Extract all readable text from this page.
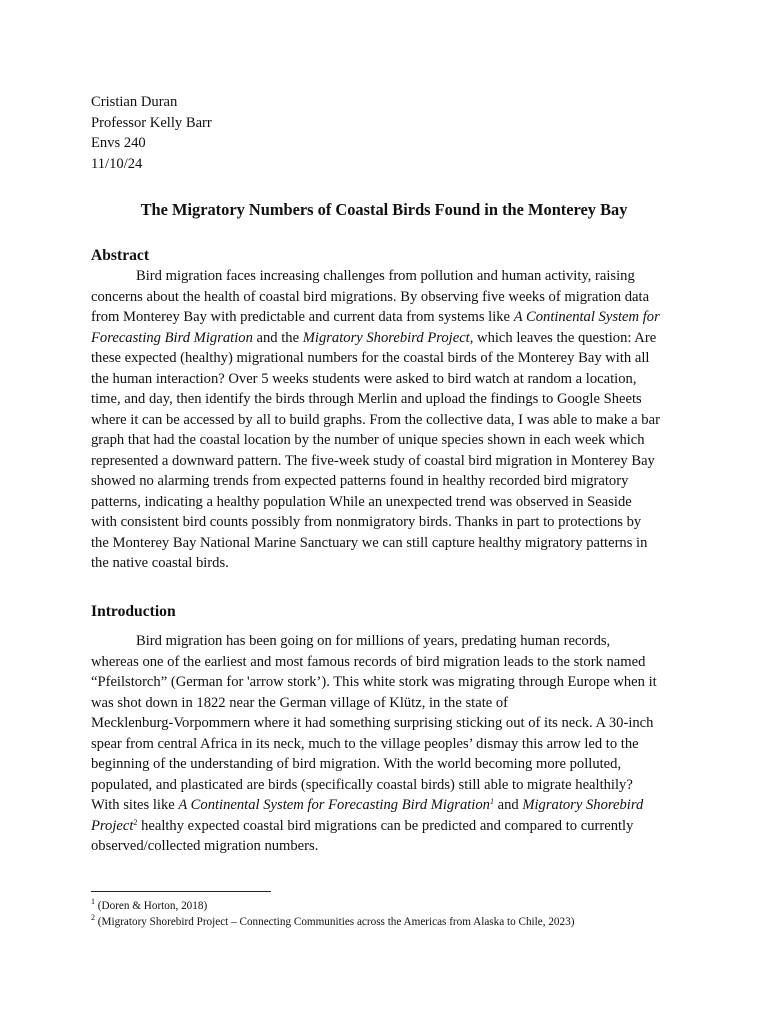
Cristian Duran
Professor Kelly Barr
Envs 240
11/10/24
The Migratory Numbers of Coastal Birds Found in the Monterey Bay
Abstract
Bird migration faces increasing challenges from pollution and human activity, raising
concerns about the health of coastal bird migrations. By observing five weeks of migration data
from Monterey Bay with predictable and current data from systems like A Continental System for
Forecasting Bird Migration and the Migratory Shorebird Project, which leaves the question: Are
these expected (healthy) migrational numbers for the coastal birds of the Monterey Bay with all
the human interaction? Over 5 weeks students were asked to bird watch at random a location,
time, and day, then identify the birds through Merlin and upload the findings to Google Sheets
where it can be accessed by all to build graphs. From the collective data, I was able to make a bar
graph that had the coastal location by the number of unique species shown in each week which
represented a downward pattern. The five-week study of coastal bird migration in Monterey Bay
showed no alarming trends from expected patterns found in healthy recorded bird migratory
patterns, indicating a healthy population While an unexpected trend was observed in Seaside
with consistent bird counts possibly from nonmigratory birds. Thanks in part to protections by
the Monterey Bay National Marine Sanctuary we can still capture healthy migratory patterns in
the native coastal birds.
Introduction
Bird migration has been going on for millions of years, predating human records,
whereas one of the earliest and most famous records of bird migration leads to the stork named
“Pfeilstorch” (German for 'arrow stork’). This white stork was migrating through Europe when it
was shot down in 1822 near the German village of Klütz, in the state of
Mecklenburg-Vorpommern where it had something surprising sticking out of its neck. A 30-inch
spear from central Africa in its neck, much to the village peoples’ dismay this arrow led to the
beginning of the understanding of bird migration. With the world becoming more polluted,
populated, and plasticated are birds (specifically coastal birds) still able to migrate healthily?
With sites like A Continental System for Forecasting Bird Migration$^1$ and Migratory Shorebird
Project$^2$ healthy expected coastal bird migrations can be predicted and compared to currently
observed/collected migration numbers.
$^1$ (Doren & Horton, 2018)
$^2$ (Migratory Shorebird Project – Connecting Communities across the Americas from Alaska to Chile, 2023)
